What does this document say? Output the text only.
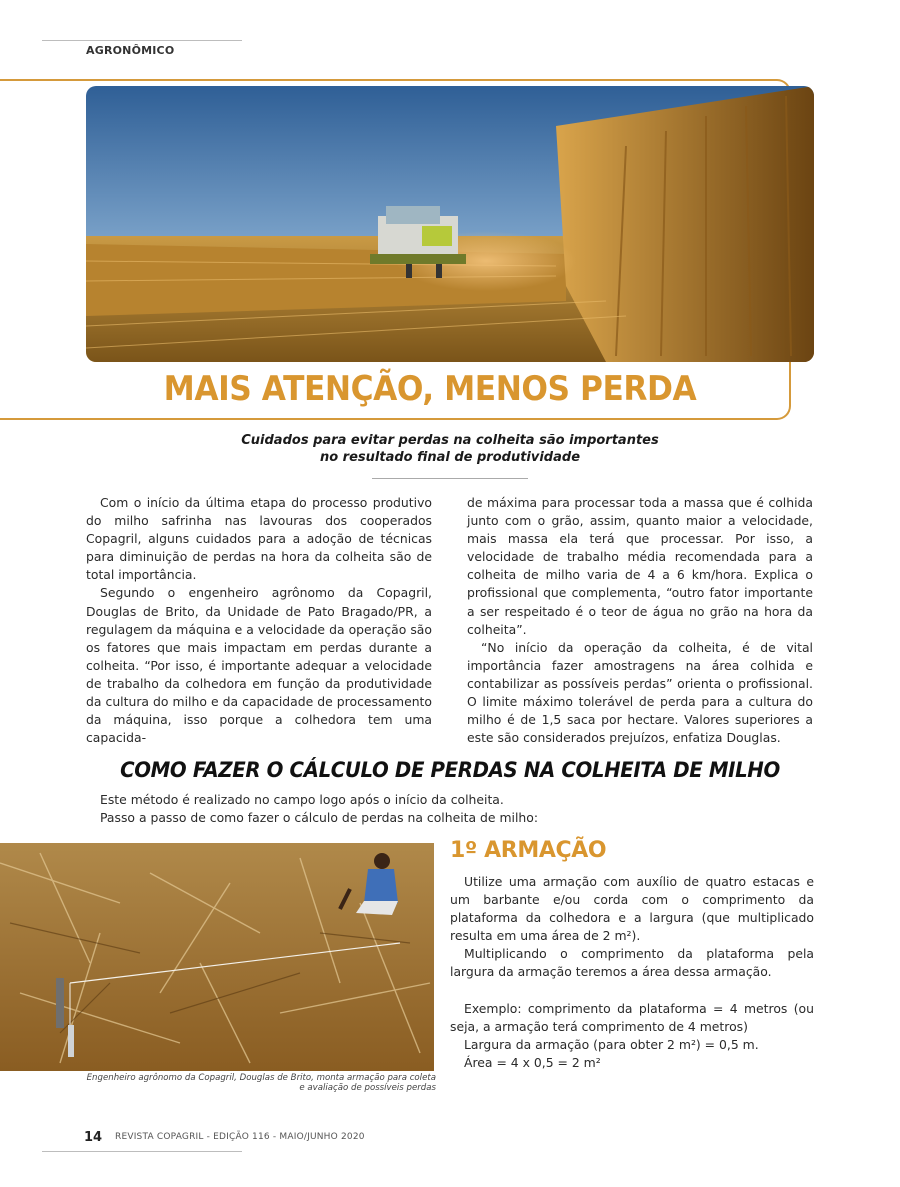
AGRONÔMICO
MAIS ATENÇÃO, MENOS PERDA
Cuidados para evitar perdas na colheita são importantes
no resultado final de produtividade

Com o início da última etapa do processo produtivo do milho safrinha nas lavouras dos cooperados Copagril, alguns cuidados para a adoção de técnicas para diminuição de perdas na hora da colheita são de total importância.

Segundo o engenheiro agrônomo da Copagril, Douglas de Brito, da Unidade de Pato Bragado/PR, a regulagem da máquina e a velocidade da operação são os fatores que mais impactam em perdas durante a colheita. “Por isso, é importante adequar a velocidade de trabalho da colhedora em função da produtividade da cultura do milho e da capacidade de processamento da máquina, isso porque a colhedora tem uma capacida-

de máxima para processar toda a massa que é colhida junto com o grão, assim, quanto maior a velocidade, mais massa ela terá que processar. Por isso, a velocidade de trabalho média recomendada para a colheita de milho varia de 4 a 6 km/hora. Explica o profissional que complementa, “outro fator importante a ser respeitado é o teor de água no grão na hora da colheita”.

“No início da operação da colheita, é de vital importância fazer amostragens na área colhida e contabilizar as possíveis perdas” orienta o profissional. O limite máximo tolerável de perda para a cultura do milho é de 1,5 saca por hectare. Valores superiores a este são considerados prejuízos, enfatiza Douglas.

COMO FAZER O CÁLCULO DE PERDAS NA COLHEITA DE MILHO
Este método é realizado no campo logo após o início da colheita.
Passo a passo de como fazer o cálculo de perdas na colheita de milho:
Engenheiro agrônomo da Copagril, Douglas de Brito, monta armação para coleta e avaliação de possíveis perdas
1º ARMAÇÃO

Utilize uma armação com auxílio de quatro estacas e um barbante e/ou corda com o comprimento da plataforma da colhedora e a largura (que multiplicado resulta em uma área de 2 m²).

Multiplicando o comprimento da plataforma pela largura da armação teremos a área dessa armação.

Exemplo: comprimento da plataforma = 4 metros (ou seja, a armação terá comprimento de 4 metros)

Largura da armação (para obter 2 m²) = 0,5 m.

Área = 4 x 0,5 = 2 m²

14 REVISTA COPAGRIL - EDIÇÃO 116 - MAIO/JUNHO 2020
